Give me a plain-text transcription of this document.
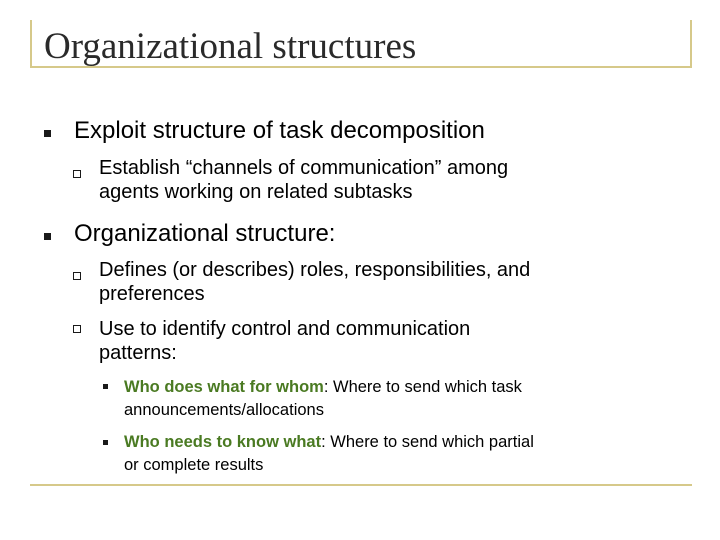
Organizational structures
Exploit structure of task decomposition
Establish “channels of communication” among
agents working on related subtasks
Organizational structure:
Defines (or describes) roles, responsibilities, and
preferences
Use to identify control and communication
patterns:
Who does what for whom: Where to send which task
announcements/allocations
Who needs to know what: Where to send which partial
or complete results
